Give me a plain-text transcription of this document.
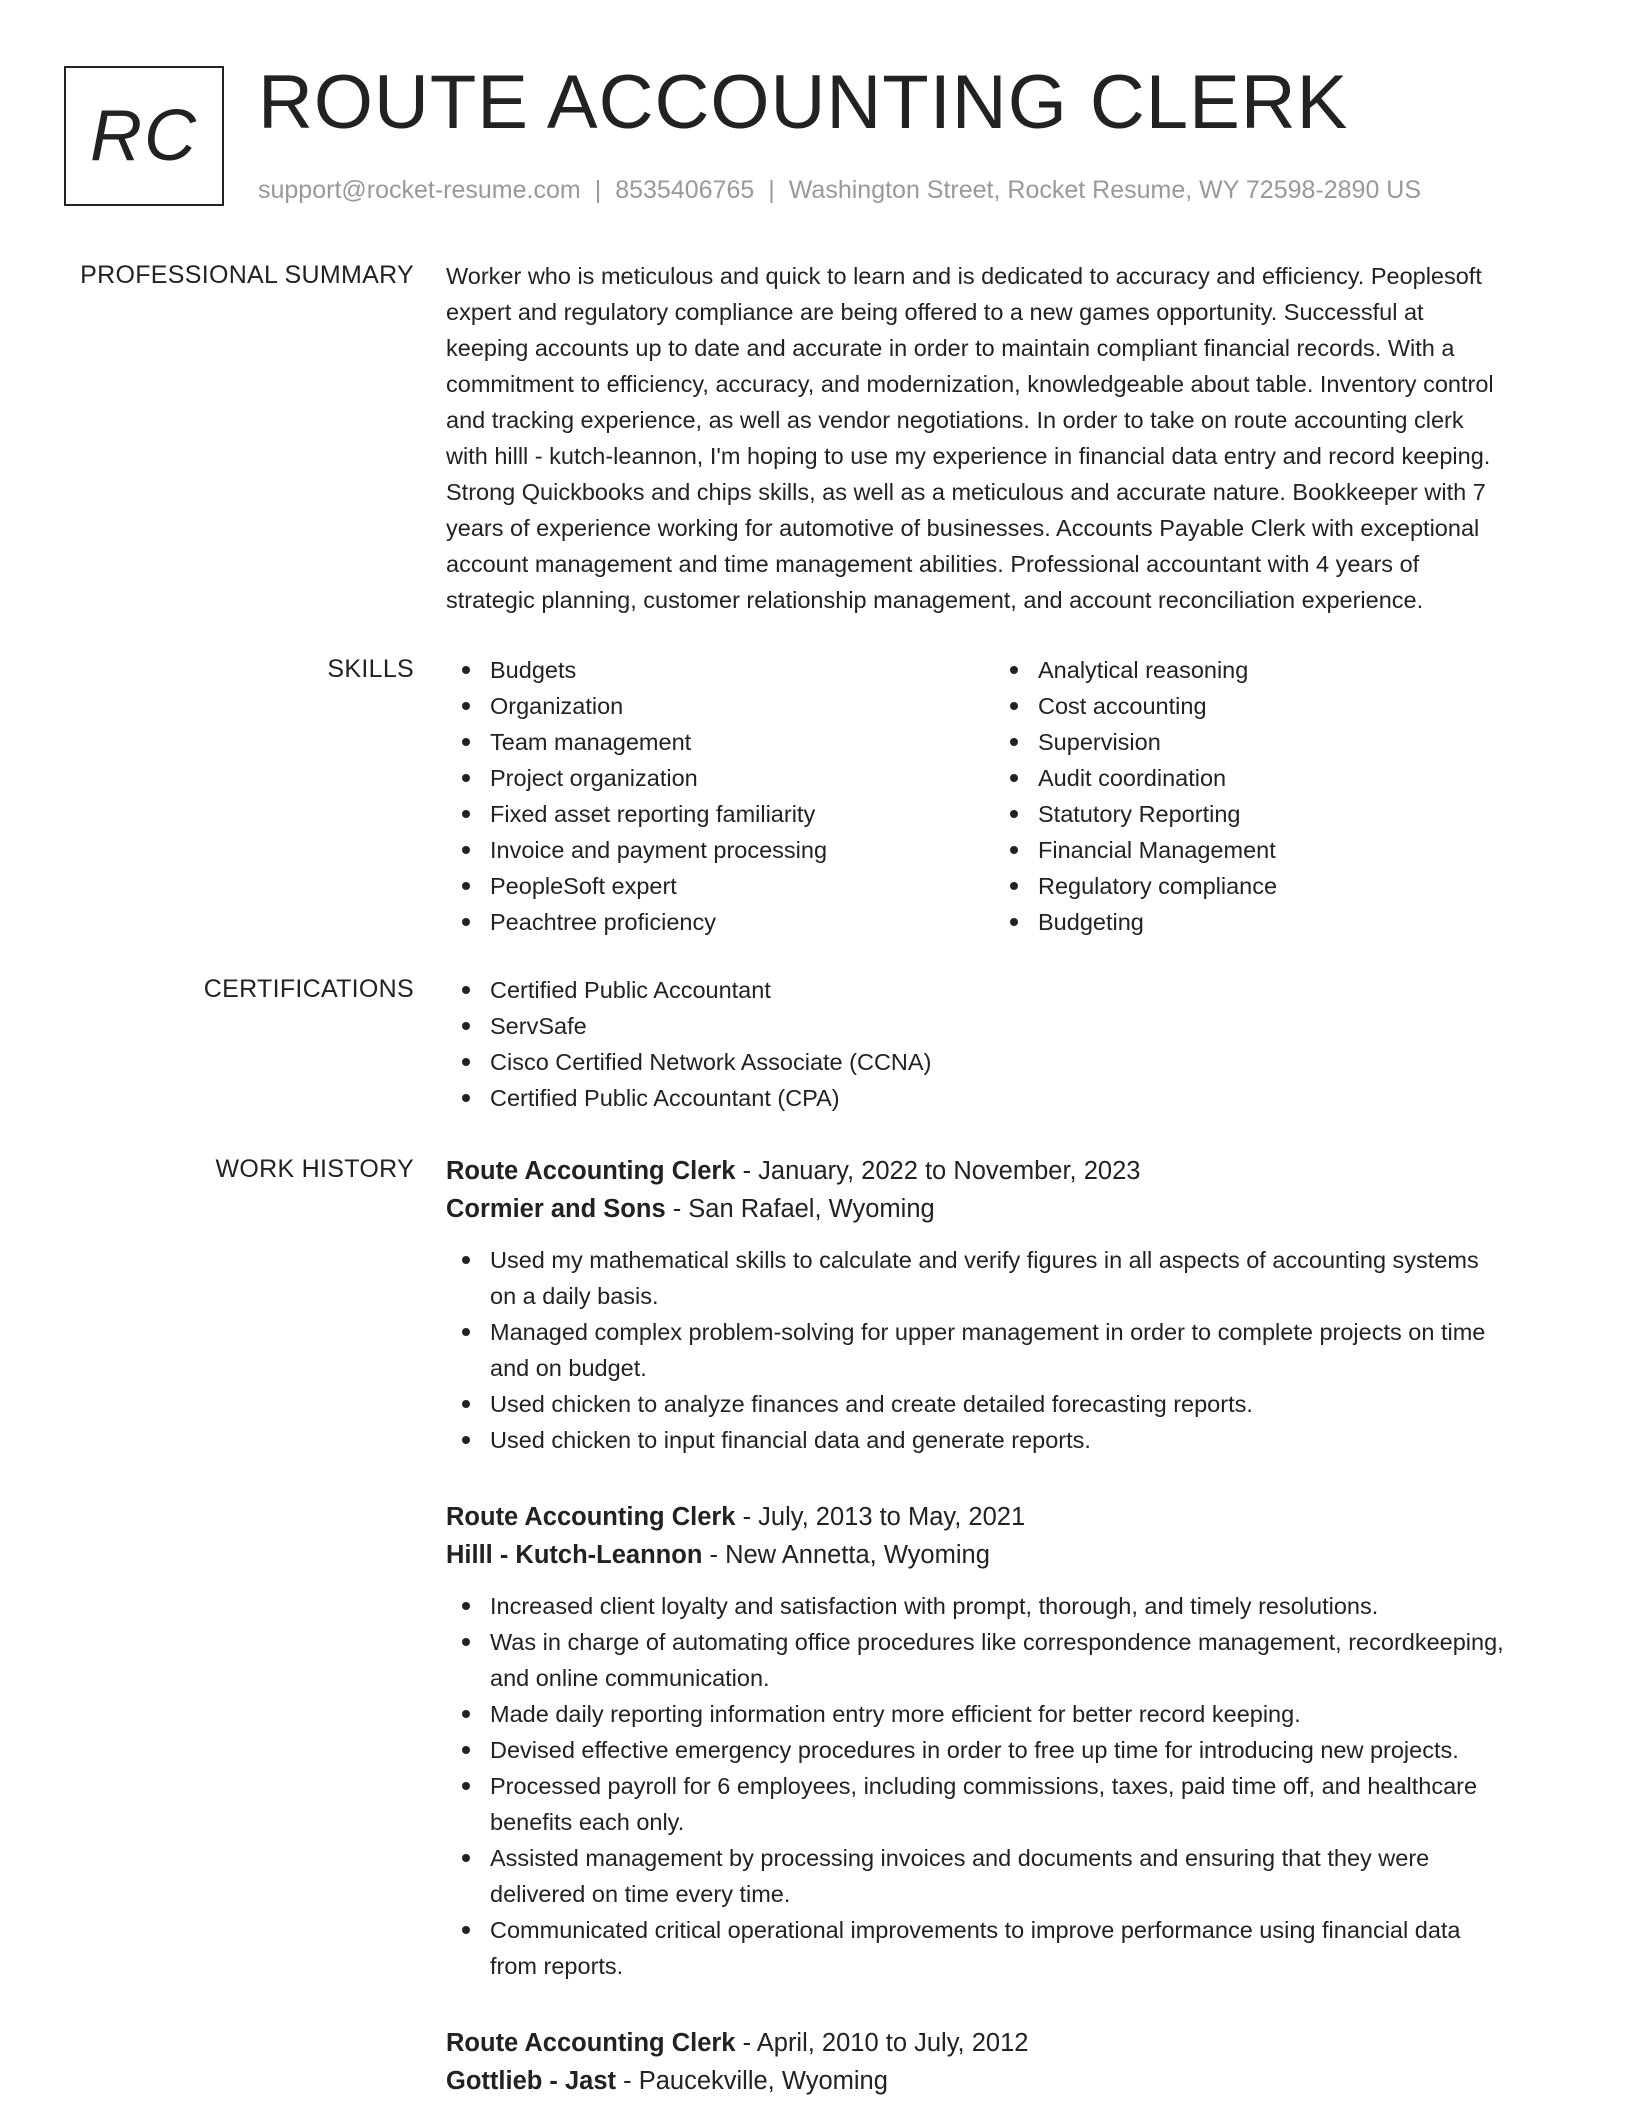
RC ROUTE ACCOUNTING CLERK
support@rocket-resume.com | 8535406765 | Washington Street, Rocket Resume, WY 72598-2890 US
PROFESSIONAL SUMMARY Worker who is meticulous and quick to learn and is dedicated to accuracy and efficiency. Peoplesoft
expert and regulatory compliance are being offered to a new games opportunity. Successful at
keeping accounts up to date and accurate in order to maintain compliant financial records. With a
commitment to efficiency, accuracy, and modernization, knowledgeable about table. Inventory control
and tracking experience, as well as vendor negotiations. In order to take on route accounting clerk
with hilll - kutch-leannon, I'm hoping to use my experience in financial data entry and record keeping.
Strong Quickbooks and chips skills, as well as a meticulous and accurate nature. Bookkeeper with 7
years of experience working for automotive of businesses. Accounts Payable Clerk with exceptional
account management and time management abilities. Professional accountant with 4 years of
strategic planning, customer relationship management, and account reconciliation experience.
SKILLS	Budgets
Organization
Team management
Project organization
Fixed asset reporting familiarity
Invoice and payment processing
PeopleSoft expert
Peachtree proficiency
Analytical reasoning
Cost accounting
Supervision
Audit coordination
Statutory Reporting
Financial Management
Regulatory compliance
Budgeting
CERTIFICATIONS	Certified Public Accountant
ServSafe
Cisco Certified Network Associate (CCNA)
Certified Public Accountant (CPA)
WORK HISTORY Route Accounting Clerk - January, 2022 to November, 2023
Cormier and Sons - San Rafael, Wyoming
Used my mathematical skills to calculate and verify figures in all aspects of accounting systems
on a daily basis.
Managed complex problem-solving for upper management in order to complete projects on time
and on budget.
Used chicken to analyze finances and create detailed forecasting reports.
Used chicken to input financial data and generate reports.
Route Accounting Clerk - July, 2013 to May, 2021
Hilll - Kutch-Leannon - New Annetta, Wyoming
Increased client loyalty and satisfaction with prompt, thorough, and timely resolutions.
Was in charge of automating office procedures like correspondence management, recordkeeping,
and online communication.
Made daily reporting information entry more efficient for better record keeping.
Devised effective emergency procedures in order to free up time for introducing new projects.
Processed payroll for 6 employees, including commissions, taxes, paid time off, and healthcare
benefits each only.
Assisted management by processing invoices and documents and ensuring that they were
delivered on time every time.
Communicated critical operational improvements to improve performance using financial data
from reports.
Route Accounting Clerk - April, 2010 to July, 2012
Gottlieb - Jast - Paucekville, Wyoming
